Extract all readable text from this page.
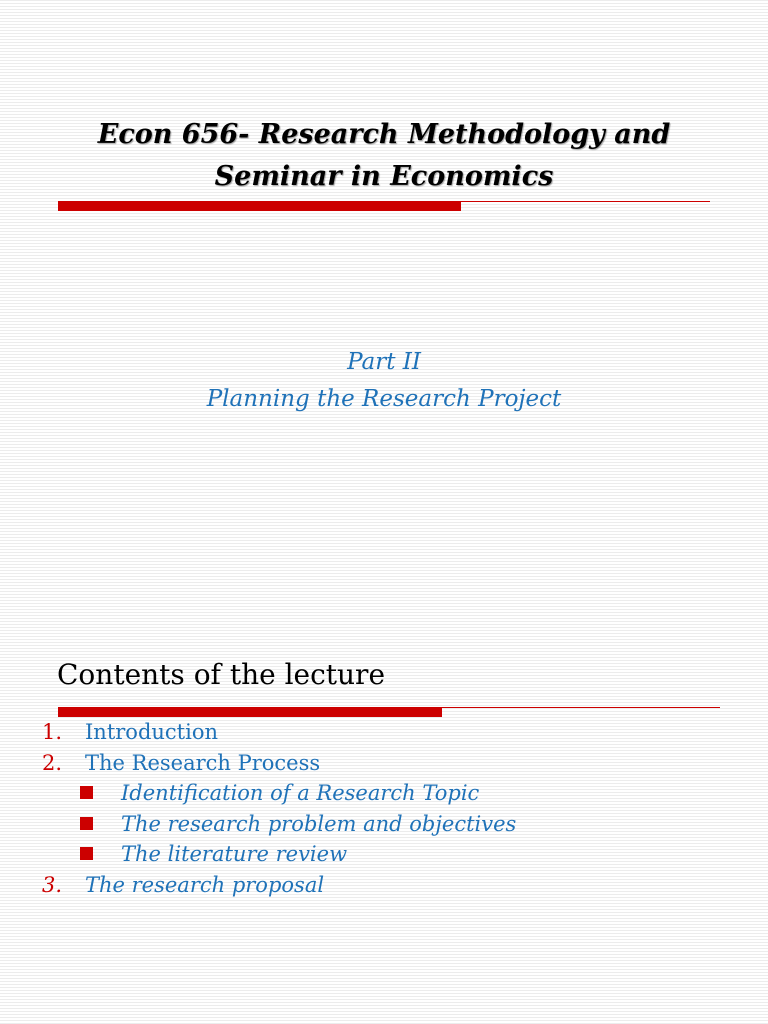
Econ 656- Research Methodology and
Seminar in Economics
Part II
Planning the Research Project
Contents of the lecture
1. Introduction
2. The Research Process
Identification of a Research Topic
The research problem and objectives
The literature review
3. The research proposal
